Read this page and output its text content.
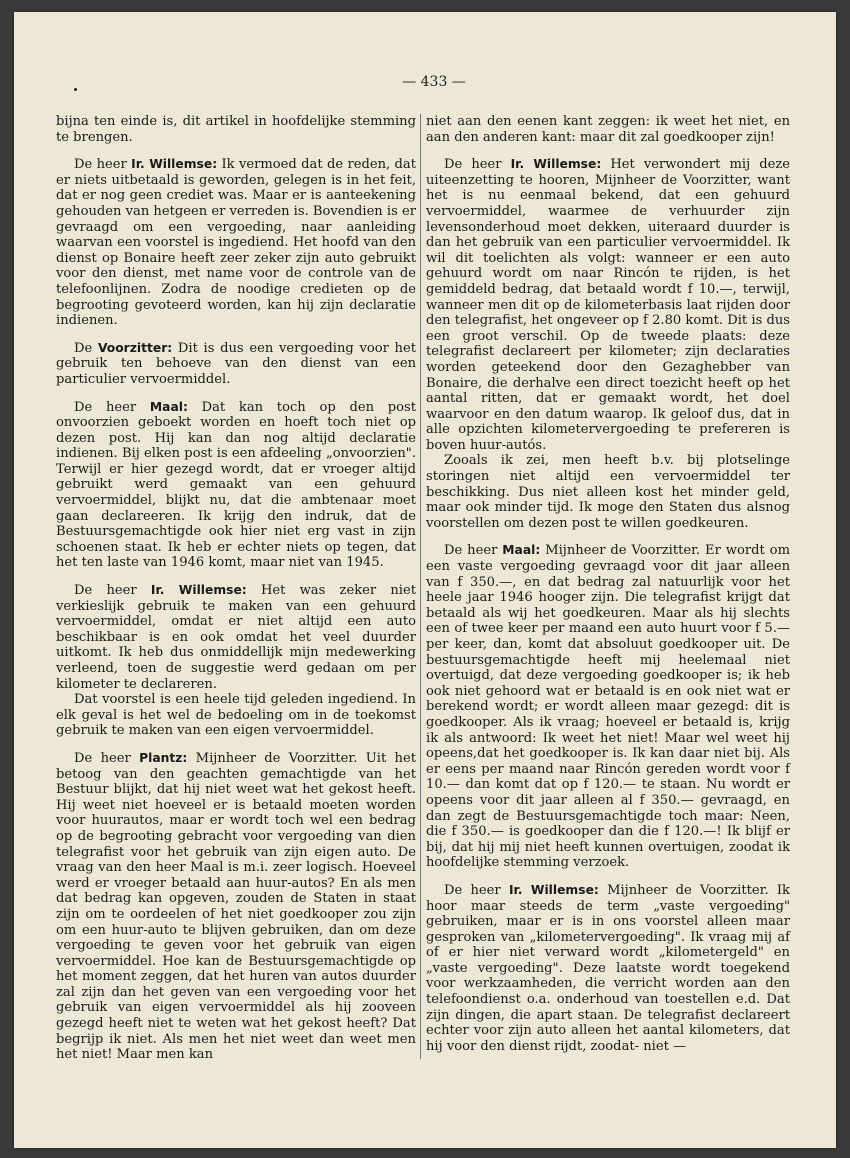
— 433 —

bijna ten einde is, dit artikel in hoofdelijke stemming te brengen.

De heer Ir. Willemse: Ik vermoed dat de reden, dat er niets uitbetaald is geworden, gelegen is in het feit, dat er nog geen crediet was. Maar er is aanteekening gehouden van hetgeen er verreden is. Bovendien is er gevraagd om een vergoeding, naar aanleiding waarvan een voorstel is ingediend. Het hoofd van den dienst op Bonaire heeft zeer zeker zijn auto gebruikt voor den dienst, met name voor de controle van de telefoonlijnen. Zodra de noodige credieten op de begrooting gevoteerd worden, kan hij zijn declaratie indienen.

De Voorzitter: Dit is dus een vergoeding voor het gebruik ten behoeve van den dienst van een particulier vervoermiddel.

De heer Maal: Dat kan toch op den post onvoorzien geboekt worden en hoeft toch niet op dezen post. Hij kan dan nog altijd declaratie indienen. Bij elken post is een afdeeling „onvoorzien". Terwijl er hier gezegd wordt, dat er vroeger altijd gebruikt werd gemaakt van een gehuurd vervoermiddel, blijkt nu, dat die ambtenaar moet gaan declareeren. Ik krijg den indruk, dat de Bestuursgemachtigde ook hier niet erg vast in zijn schoenen staat. Ik heb er echter niets op tegen, dat het ten laste van 1946 komt, maar niet van 1945.

De heer Ir. Willemse: Het was zeker niet verkieslijk gebruik te maken van een gehuurd vervoermiddel, omdat er niet altijd een auto beschikbaar is en ook omdat het veel duurder uitkomt. Ik heb dus onmiddellijk mijn medewerking verleend, toen de suggestie werd gedaan om per kilometer te declareren.

Dat voorstel is een heele tijd geleden ingediend. In elk geval is het wel de bedoeling om in de toekomst gebruik te maken van een eigen vervoermiddel.

De heer Plantz: Mijnheer de Voorzitter. Uit het betoog van den geachten gemachtigde van het Bestuur blijkt, dat hij niet weet wat het gekost heeft. Hij weet niet hoeveel er is betaald moeten worden voor huurautos, maar er wordt toch wel een bedrag op de begrooting gebracht voor vergoeding van dien telegrafist voor het gebruik van zijn eigen auto. De vraag van den heer Maal is m.i. zeer logisch. Hoeveel werd er vroeger betaald aan huur-autos? En als men dat bedrag kan opgeven, zouden de Staten in staat zijn om te oordeelen of het niet goedkooper zou zijn om een huur-auto te blijven gebruiken, dan om deze vergoeding te geven voor het gebruik van eigen vervoermiddel. Hoe kan de Bestuursgemachtigde op het moment zeggen, dat het huren van autos duurder zal zijn dan het geven van een vergoeding voor het gebruik van eigen vervoermiddel als hij zooveen gezegd heeft niet te weten wat het gekost heeft? Dat begrijp ik niet. Als men het niet weet dan weet men het niet! Maar men kan

niet aan den eenen kant zeggen: ik weet het niet, en aan den anderen kant: maar dit zal goedkooper zijn!

De heer Ir. Willemse: Het verwondert mij deze uiteenzetting te hooren, Mijnheer de Voorzitter, want het is nu eenmaal bekend, dat een gehuurd vervoermiddel, waarmee de verhuurder zijn levensonderhoud moet dekken, uiteraard duurder is dan het gebruik van een particulier vervoermiddel. Ik wil dit toelichten als volgt: wanneer er een auto gehuurd wordt om naar Rincón te rijden, is het gemiddeld bedrag, dat betaald wordt f 10.—, terwijl, wanneer men dit op de kilometerbasis laat rijden door den telegrafist, het ongeveer op f 2.80 komt. Dit is dus een groot verschil. Op de tweede plaats: deze telegrafist declareert per kilometer; zijn declaraties worden geteekend door den Gezaghebber van Bonaire, die derhalve een direct toezicht heeft op het aantal ritten, dat er gemaakt wordt, het doel waarvoor en den datum waarop. Ik geloof dus, dat in alle opzichten kilometervergoeding te prefereren is boven huur-autós.

Zooals ik zei, men heeft b.v. bij plotselinge storingen niet altijd een vervoermiddel ter beschikking. Dus niet alleen kost het minder geld, maar ook minder tijd. Ik moge den Staten dus alsnog voorstellen om dezen post te willen goedkeuren.

De heer Maal: Mijnheer de Voorzitter. Er wordt om een vaste vergoeding gevraagd voor dit jaar alleen van f 350.—, en dat bedrag zal natuurlijk voor het heele jaar 1946 hooger zijn. Die telegrafist krijgt dat betaald als wij het goedkeuren. Maar als hij slechts een of twee keer per maand een auto huurt voor f 5.— per keer, dan, komt dat absoluut goedkooper uit. De bestuursgemachtigde heeft mij heelemaal niet overtuigd, dat deze vergoeding goedkooper is; ik heb ook niet gehoord wat er betaald is en ook niet wat er berekend wordt; er wordt alleen maar gezegd: dit is goedkooper. Als ik vraag; hoeveel er betaald is, krijg ik als antwoord: Ik weet het niet! Maar wel weet hij opeens,dat het goedkooper is. Ik kan daar niet bij. Als er eens per maand naar Rincón gereden wordt voor f 10.— dan komt dat op f 120.— te staan. Nu wordt er opeens voor dit jaar alleen al f 350.— gevraagd, en dan zegt de Bestuursgemachtigde toch maar: Neen, die f 350.— is goedkooper dan die f 120.—! Ik blijf er bij, dat hij mij niet heeft kunnen overtuigen, zoodat ik hoofdelijke stemming verzoek.

De heer Ir. Willemse: Mijnheer de Voorzitter. Ik hoor maar steeds de term „vaste vergoeding" gebruiken, maar er is in ons voorstel alleen maar gesproken van „kilometervergoeding". Ik vraag mij af of er hier niet verward wordt „kilometergeld" en „vaste vergoeding". Deze laatste wordt toegekend voor werkzaamheden, die verricht worden aan den telefoondienst o.a. onderhoud van toestellen e.d. Dat zijn dingen, die apart staan. De telegrafist declareert echter voor zijn auto alleen het aantal kilometers, dat hij voor den dienst rijdt, zoodat- niet —
